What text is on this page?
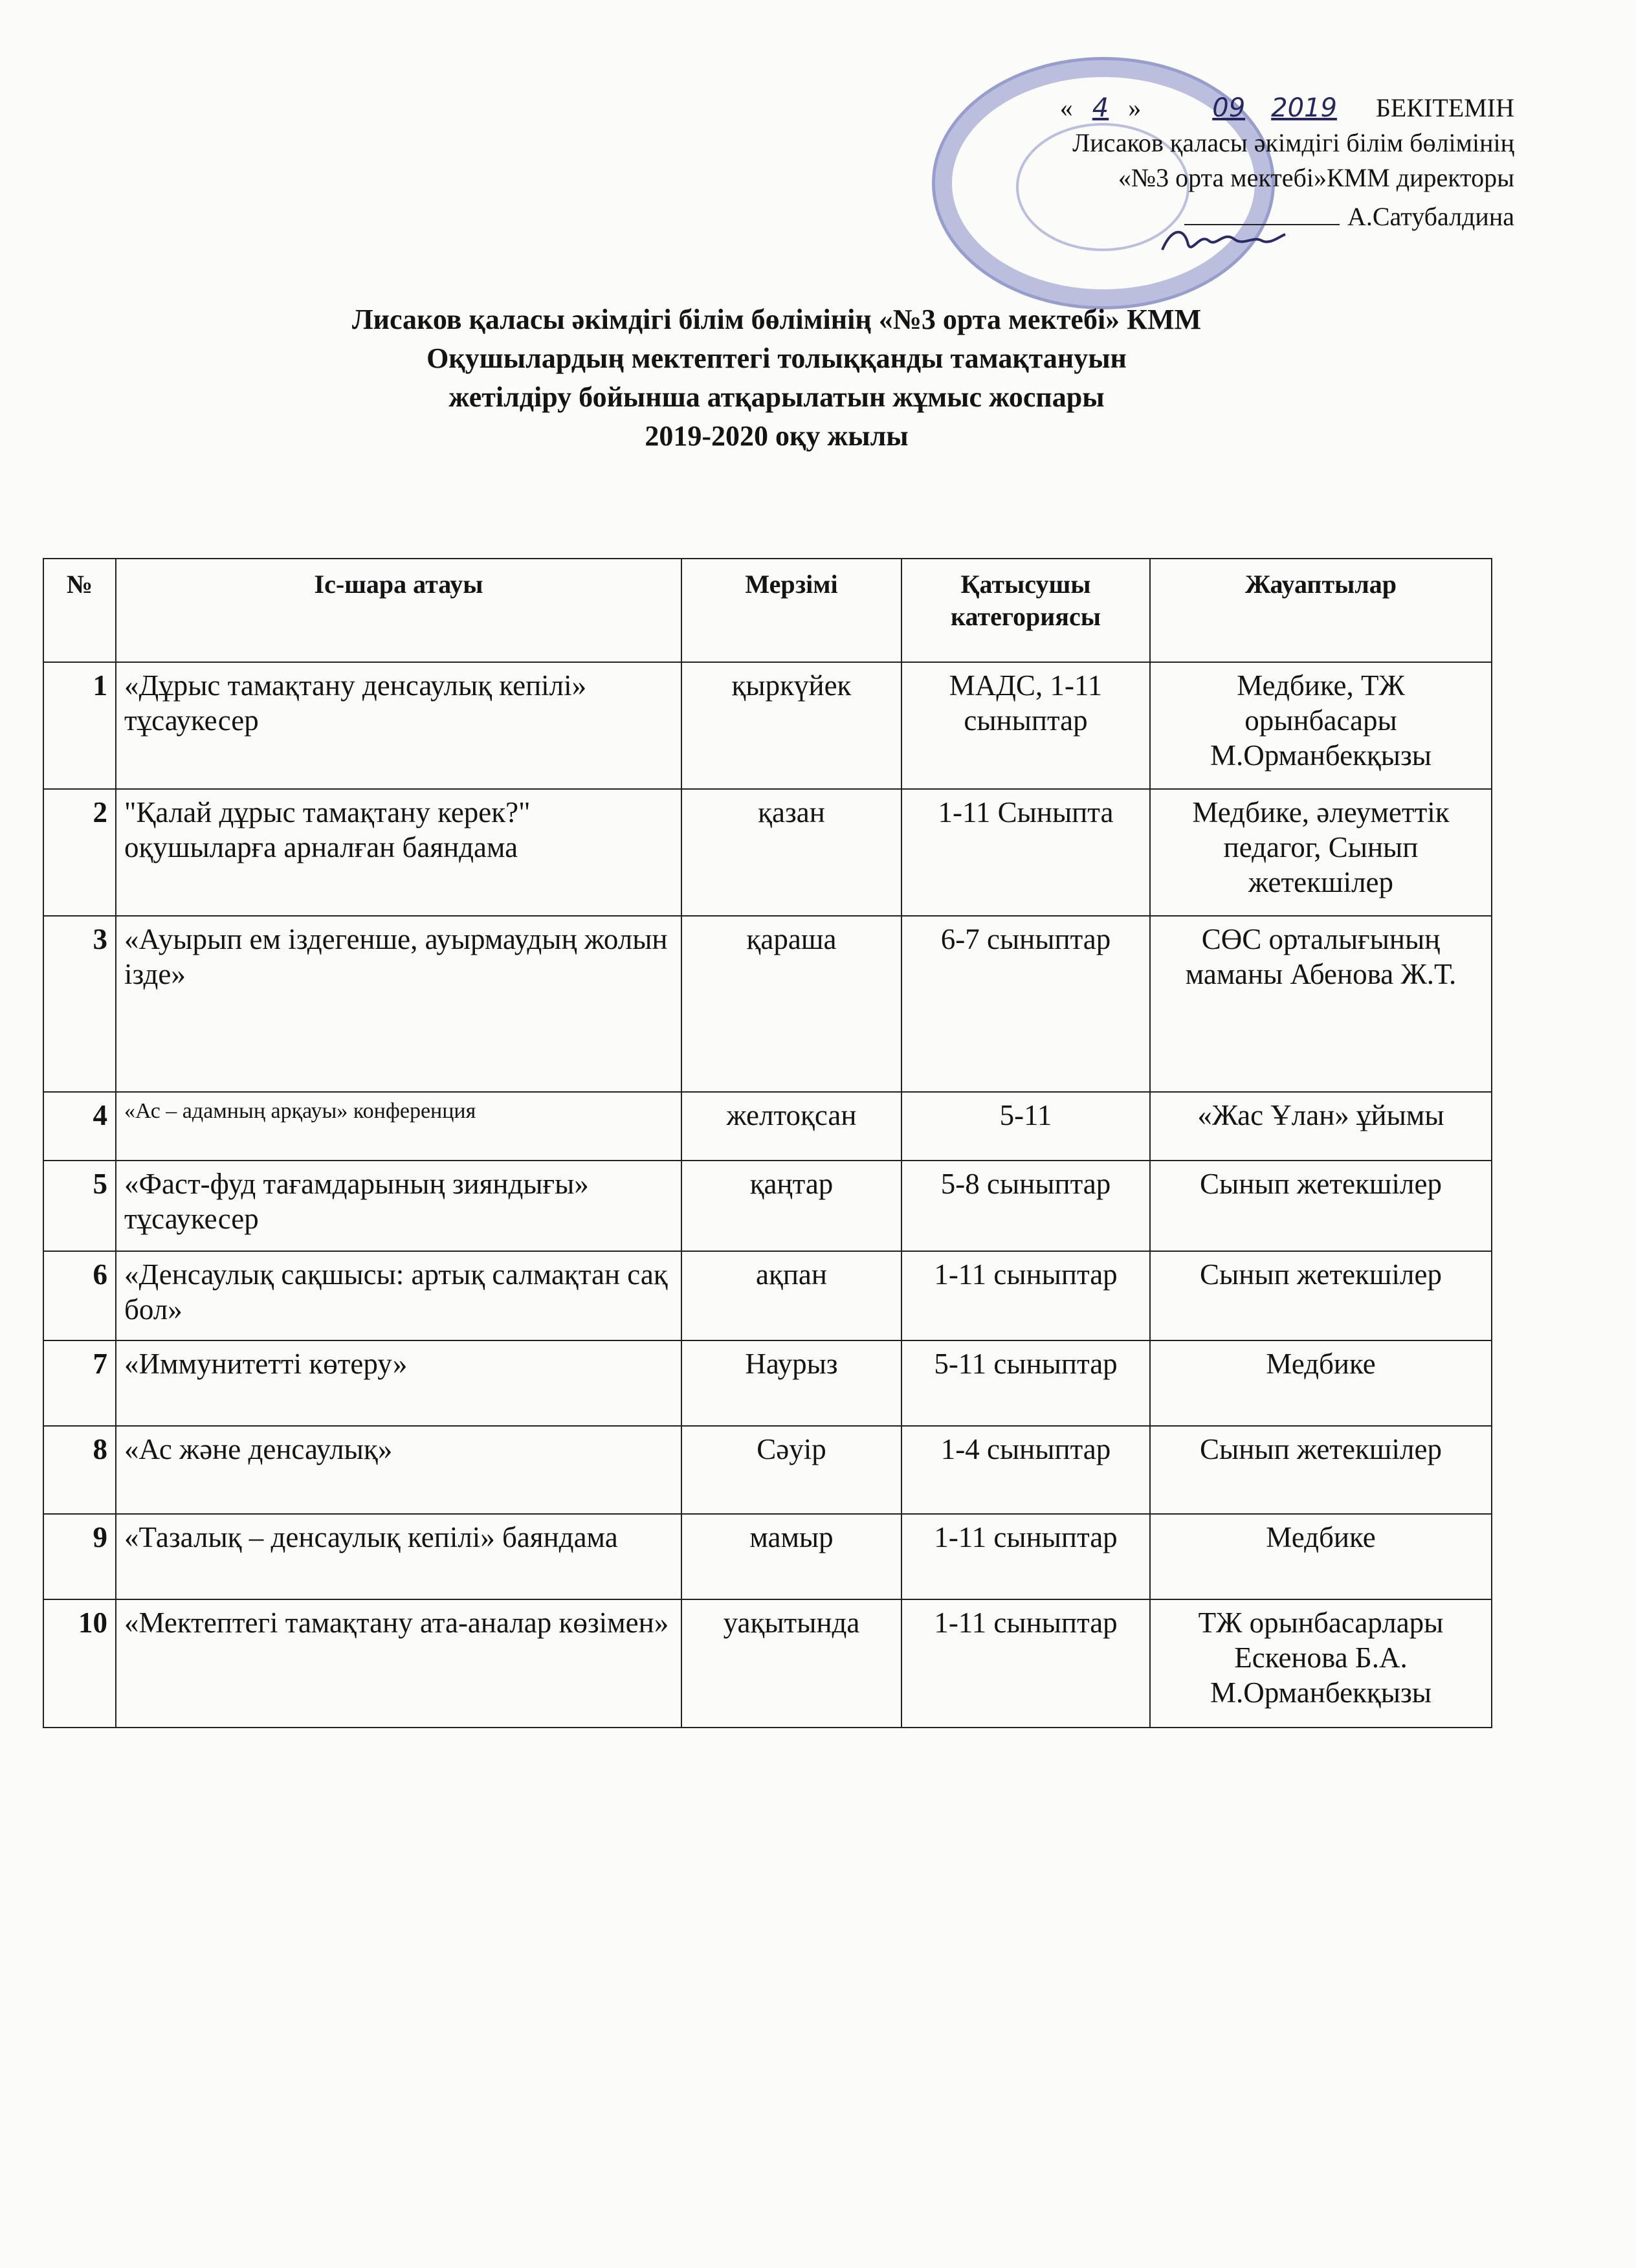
« 4 »	09	2019	БЕКІТЕМІН
Лисаков қаласы әкімдігі білім бөлімінің
«№3 орта мектебі»КММ директоры
А.Сатубалдина
Лисаков қаласы әкімдігі білім бөлімінің «№3 орта мектебі» КММ
Оқушылардың мектептегі толыққанды тамақтануын
жетілдіру бойынша атқарылатын жұмыс жоспары
2019-2020 оқу жылы
№	Іс-шара атауы	Мерзімі	Қатысушы категориясы	Жауаптылар
1	«Дұрыс тамақтану денсаулық кепілі» тұсаукесер	қыркүйек	МАДС, 1-11 сыныптар	Медбике, ТЖ орынбасары М.Орманбекқызы
2	"Қалай дұрыс тамақтану керек?" оқушыларға арналған баяндама	қазан	1-11 Сыныпта	Медбике, әлеуметтік педагог, Сынып жетекшілер
3	«Ауырып ем іздегенше, ауырмаудың жолын ізде»	қараша	6-7 сыныптар	СӨС орталығының маманы Абенова Ж.Т.
4	«Ас – адамның арқауы» конференция	желтоқсан	5-11	«Жас Ұлан» ұйымы
5	«Фаст-фуд тағамдарының зияндығы» тұсаукесер	қаңтар	5-8 сыныптар	Сынып жетекшілер
6	«Денсаулық сақшысы: артық салмақтан сақ бол»	ақпан	1-11 сыныптар	Сынып жетекшілер
7	«Иммунитетті көтеру»	Наурыз	5-11 сыныптар	Медбике
8	«Ас және денсаулық»	Сәуір	1-4 сыныптар	Сынып жетекшілер
9	«Тазалық – денсаулық кепілі» баяндама	мамыр	1-11 сыныптар	Медбике
10	«Мектептегі тамақтану ата-аналар көзімен»	уақытында	1-11 сыныптар	ТЖ орынбасарлары Ескенова Б.А. М.Орманбекқызы
